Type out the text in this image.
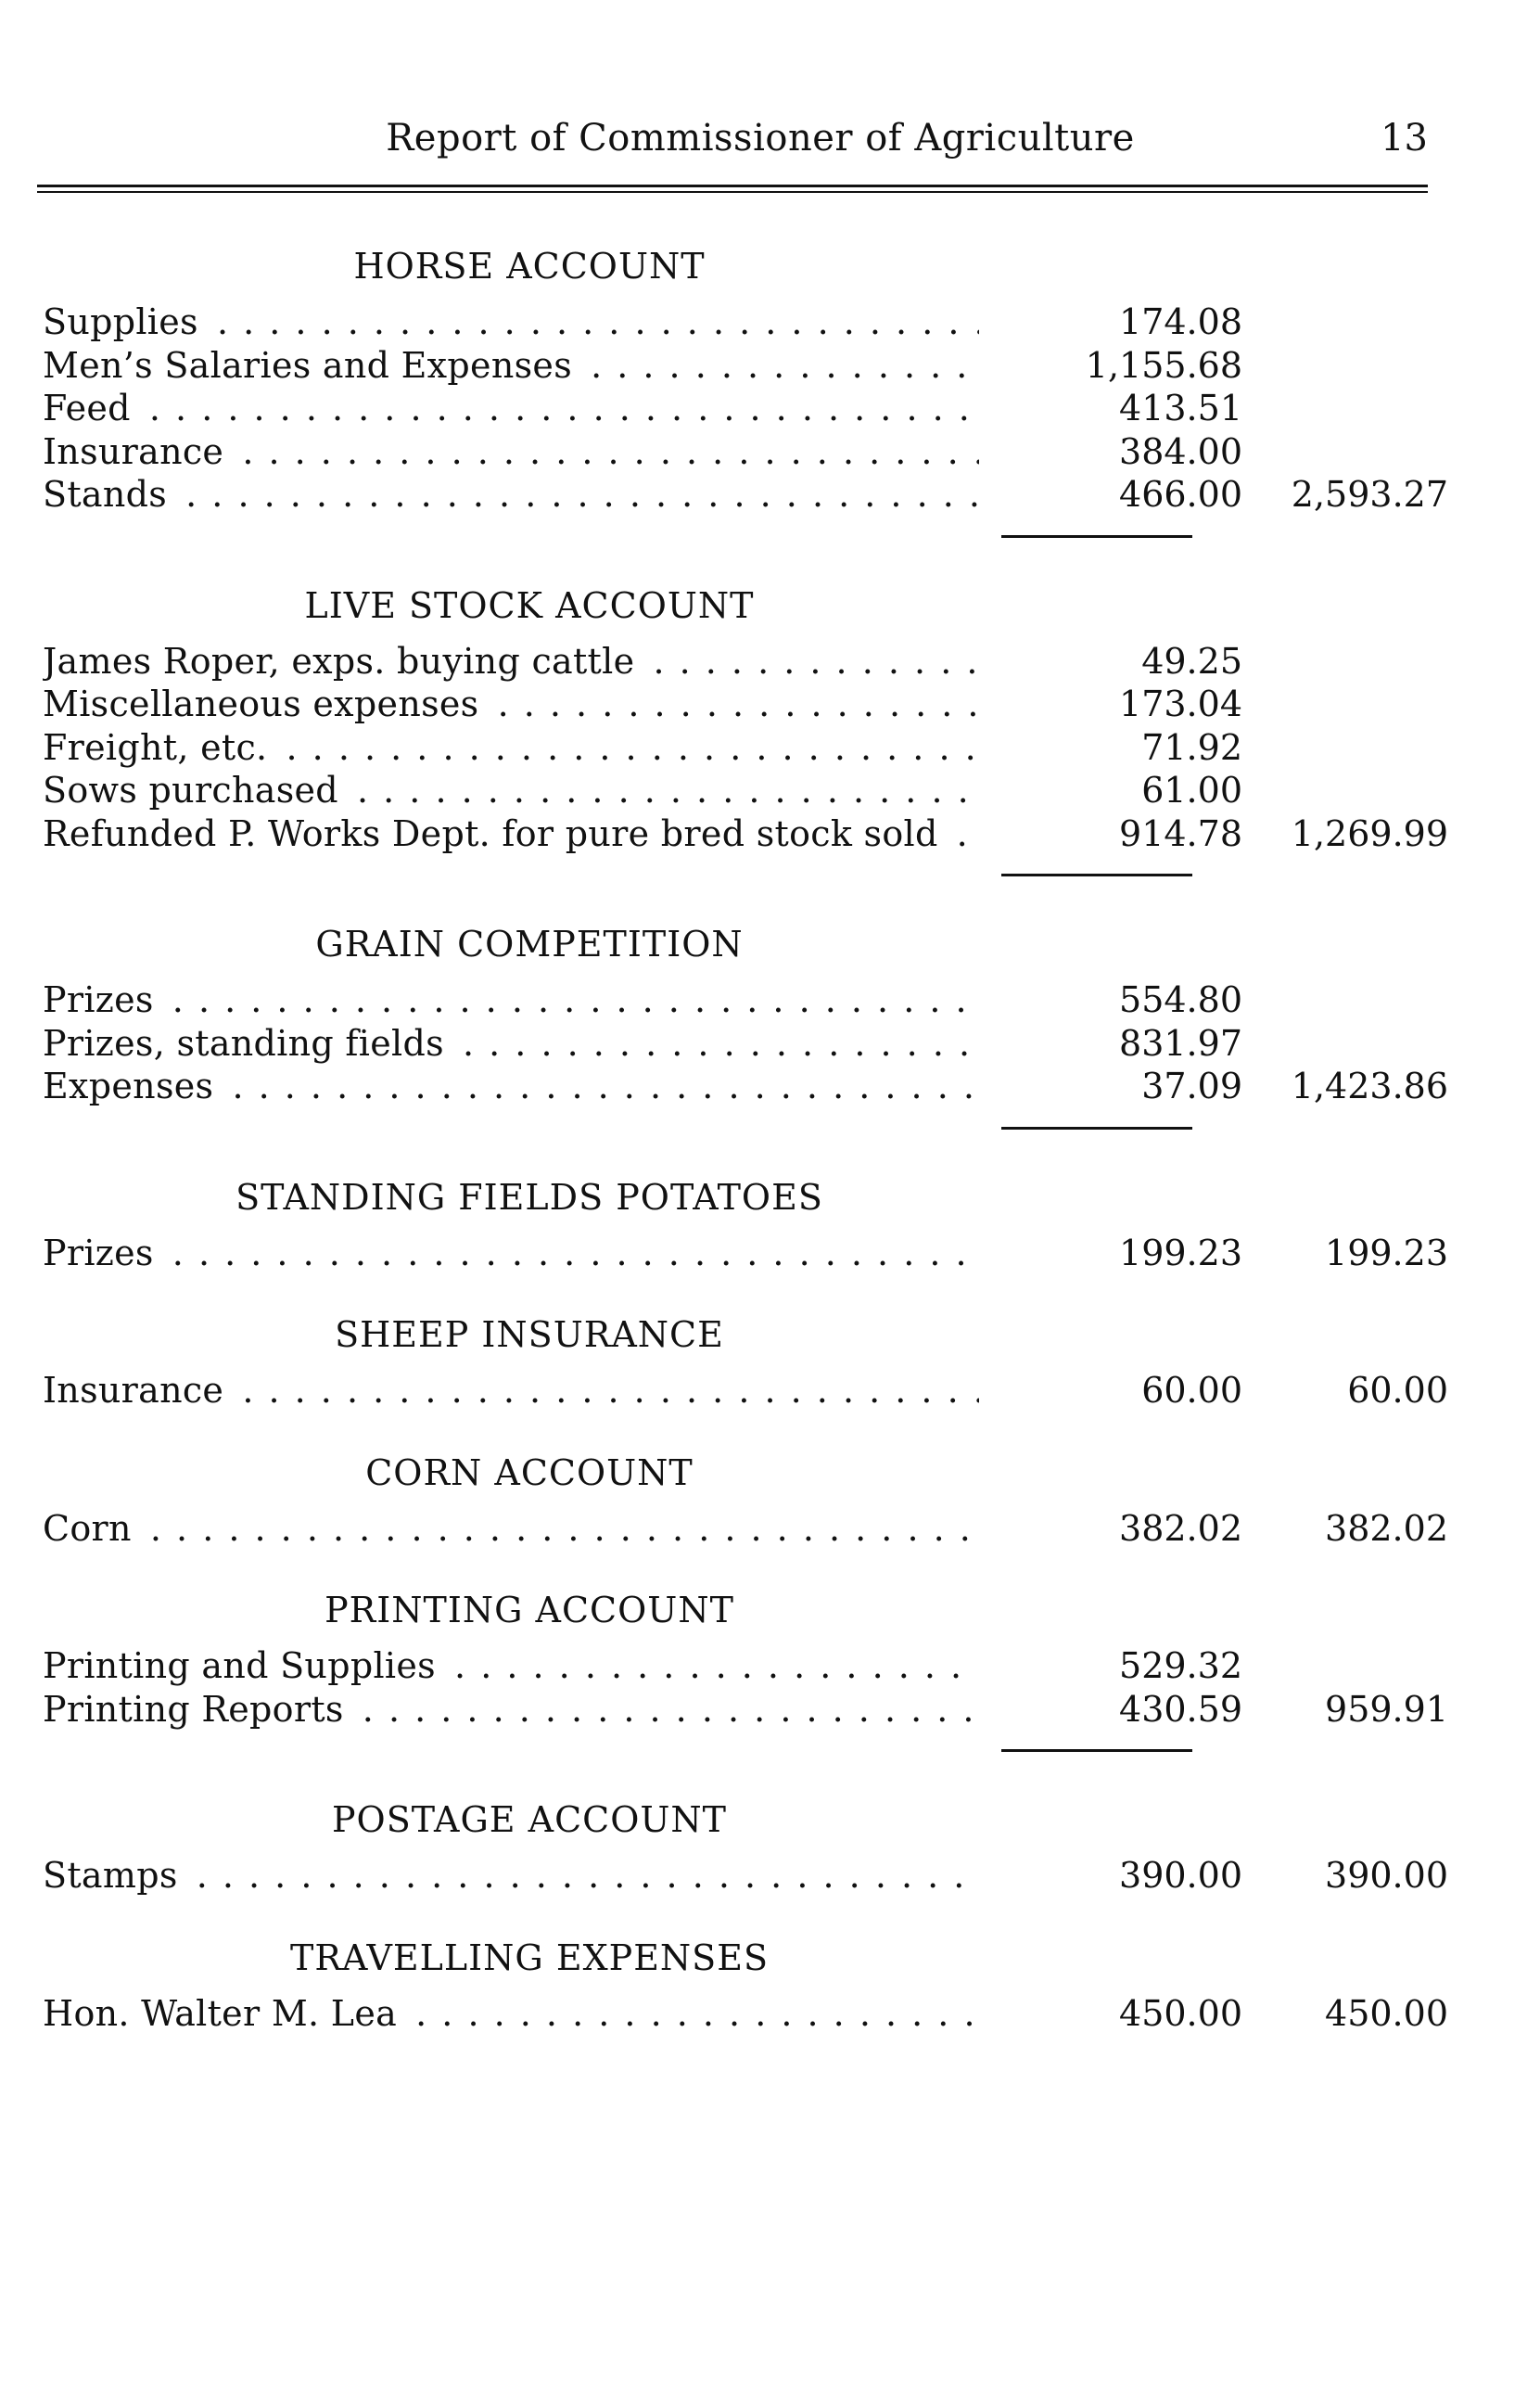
Report of Commissioner of Agriculture	13
HORSE ACCOUNT
Supplies . . .	174.08
Men’s Salaries and Expenses . . .	1,155.68
Feed . . .	413.51
Insurance . . .	384.00
Stands . . .	466.00	2,593.27
LIVE STOCK ACCOUNT
James Roper, exps. buying cattle . . .	49.25
Miscellaneous expenses . . .	173.04
Freight, etc. . . .	71.92
Sows purchased . . .	61.00
Refunded P. Works Dept. for pure bred stock sold . . .	914.78	1,269.99
GRAIN COMPETITION
Prizes . . .	554.80
Prizes, standing fields . . .	831.97
Expenses . . .	37.09	1,423.86
STANDING FIELDS POTATOES
Prizes . . .	199.23	199.23
SHEEP INSURANCE
Insurance . . .	60.00	60.00
CORN ACCOUNT
Corn . . .	382.02	382.02
PRINTING ACCOUNT
Printing and Supplies . . .	529.32
Printing Reports . . .	430.59	959.91
POSTAGE ACCOUNT
Stamps . . .	390.00	390.00
TRAVELLING EXPENSES
Hon. Walter M. Lea . . .	450.00	450.00
